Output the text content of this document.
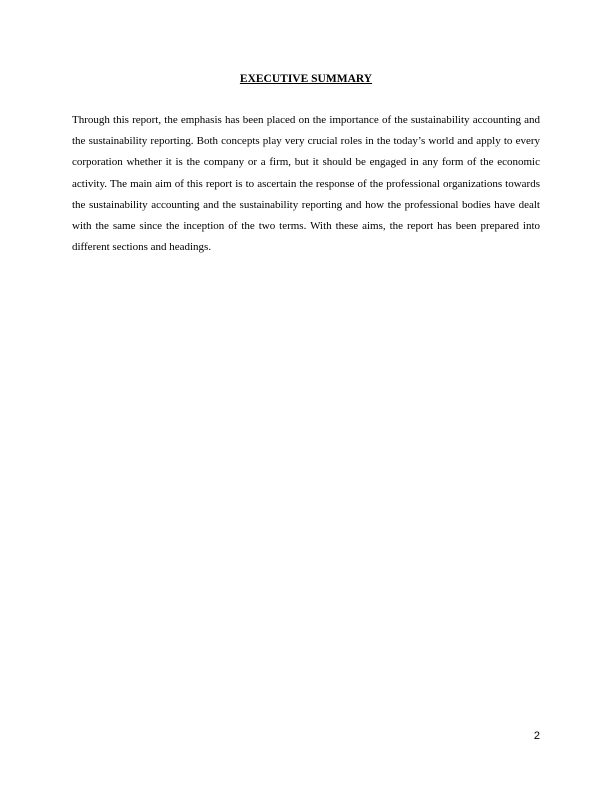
EXECUTIVE SUMMARY

Through this report, the emphasis has been placed on the importance of the sustainability accounting and the sustainability reporting. Both concepts play very crucial roles in the today’s world and apply to every corporation whether it is the company or a firm, but it should be engaged in any form of the economic activity. The main aim of this report is to ascertain the response of the professional organizations towards the sustainability accounting and the sustainability reporting and how the professional bodies have dealt with the same since the inception of the two terms. With these aims, the report has been prepared into different sections and headings.

2
